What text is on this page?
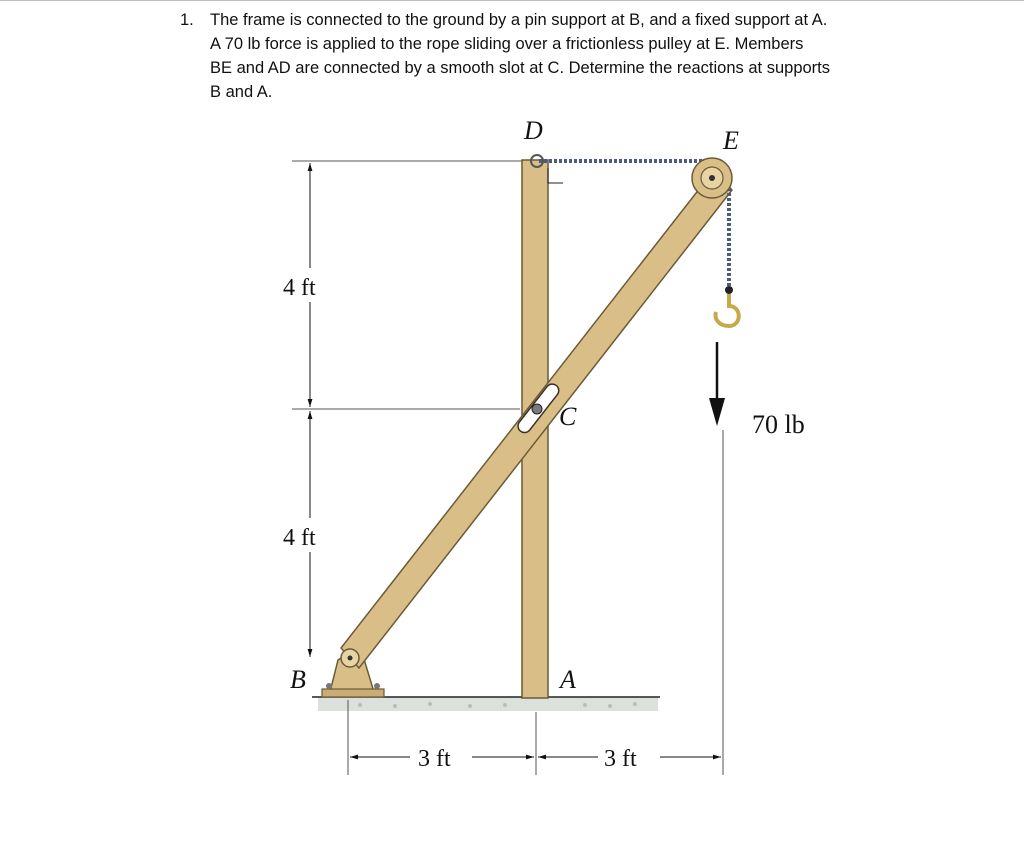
1. The frame is connected to the ground by a pin support at B, and a fixed support at A.
A 70 lb force is applied to the rope sliding over a frictionless pulley at E. Members
BE and AD are connected by a smooth slot at C. Determine the reactions at supports
B and A.
D	E
C
B	A
4 ft
4 ft
3 ft	3 ft
70 lb
